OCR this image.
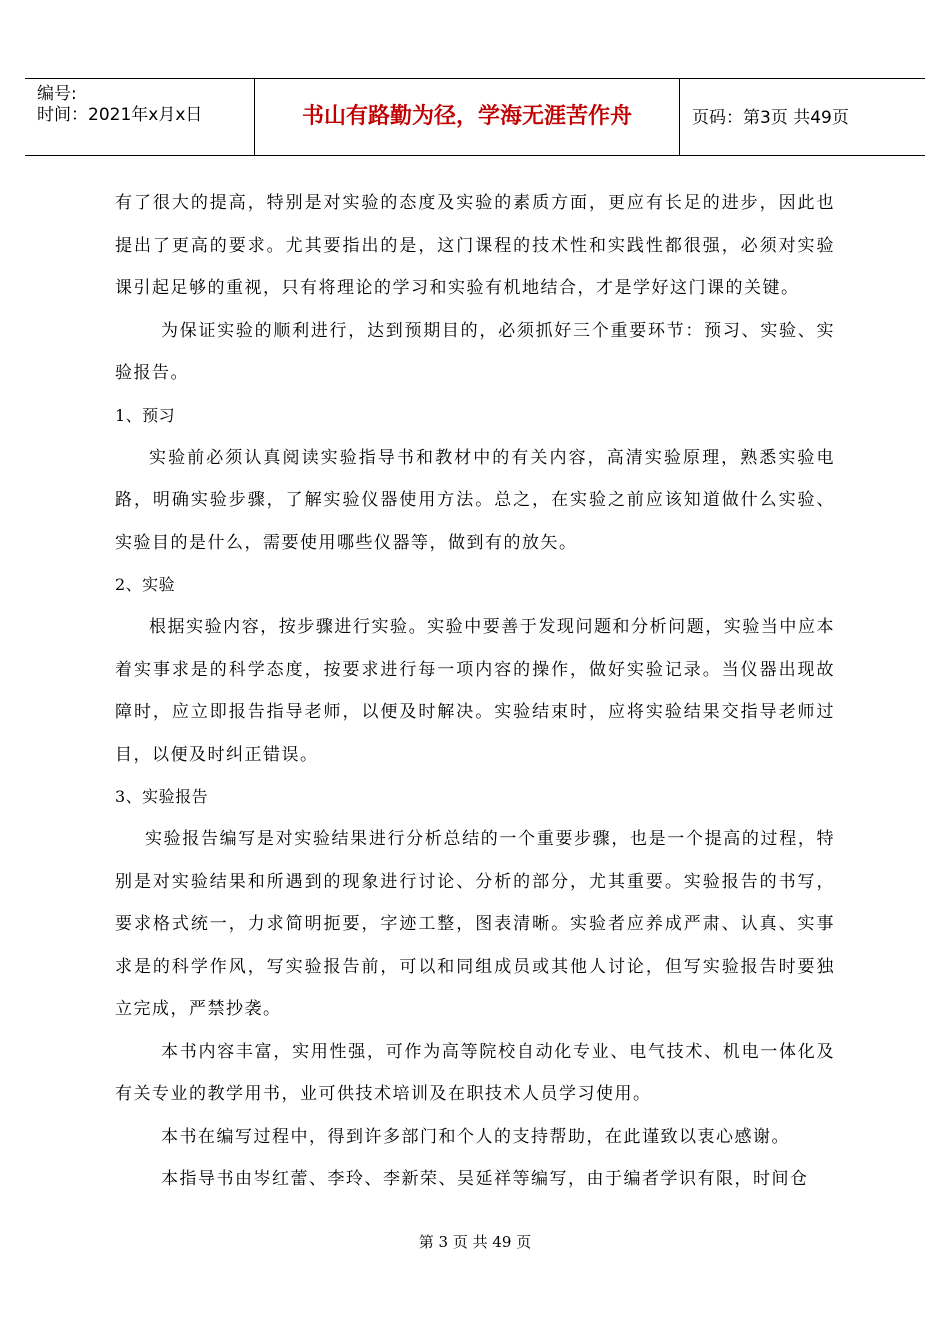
编号:
时间：2021年x月x日	书山有路勤为径，学海无涯苦作舟	页码：第3页 共49页

有了很大的提高，特别是对实验的态度及实验的素质方面，更应有长足的进步，因此也提出了更高的要求。尤其要指出的是，这门课程的技术性和实践性都很强，必须对实验课引起足够的重视，只有将理论的学习和实验有机地结合，才是学好这门课的关键。

为保证实验的顺利进行，达到预期目的，必须抓好三个重要环节：预习、实验、实验报告。

1、预习

实验前必须认真阅读实验指导书和教材中的有关内容，高清实验原理，熟悉实验电路，明确实验步骤，了解实验仪器使用方法。总之，在实验之前应该知道做什么实验、实验目的是什么，需要使用哪些仪器等，做到有的放矢。

2、实验

根据实验内容，按步骤进行实验。实验中要善于发现问题和分析问题，实验当中应本着实事求是的科学态度，按要求进行每一项内容的操作，做好实验记录。当仪器出现故障时，应立即报告指导老师，以便及时解决。实验结束时，应将实验结果交指导老师过目，以便及时纠正错误。

3、实验报告

实验报告编写是对实验结果进行分析总结的一个重要步骤，也是一个提高的过程，特别是对实验结果和所遇到的现象进行讨论、分析的部分，尤其重要。实验报告的书写，要求格式统一，力求简明扼要，字迹工整，图表清晰。实验者应养成严肃、认真、实事求是的科学作风，写实验报告前，可以和同组成员或其他人讨论，但写实验报告时要独立完成，严禁抄袭。

本书内容丰富，实用性强，可作为高等院校自动化专业、电气技术、机电一体化及有关专业的教学用书，业可供技术培训及在职技术人员学习使用。

本书在编写过程中，得到许多部门和个人的支持帮助，在此谨致以衷心感谢。

本指导书由岑红蕾、李玲、李新荣、吴延祥等编写，由于编者学识有限，时间仓

第 3 页 共 49 页
